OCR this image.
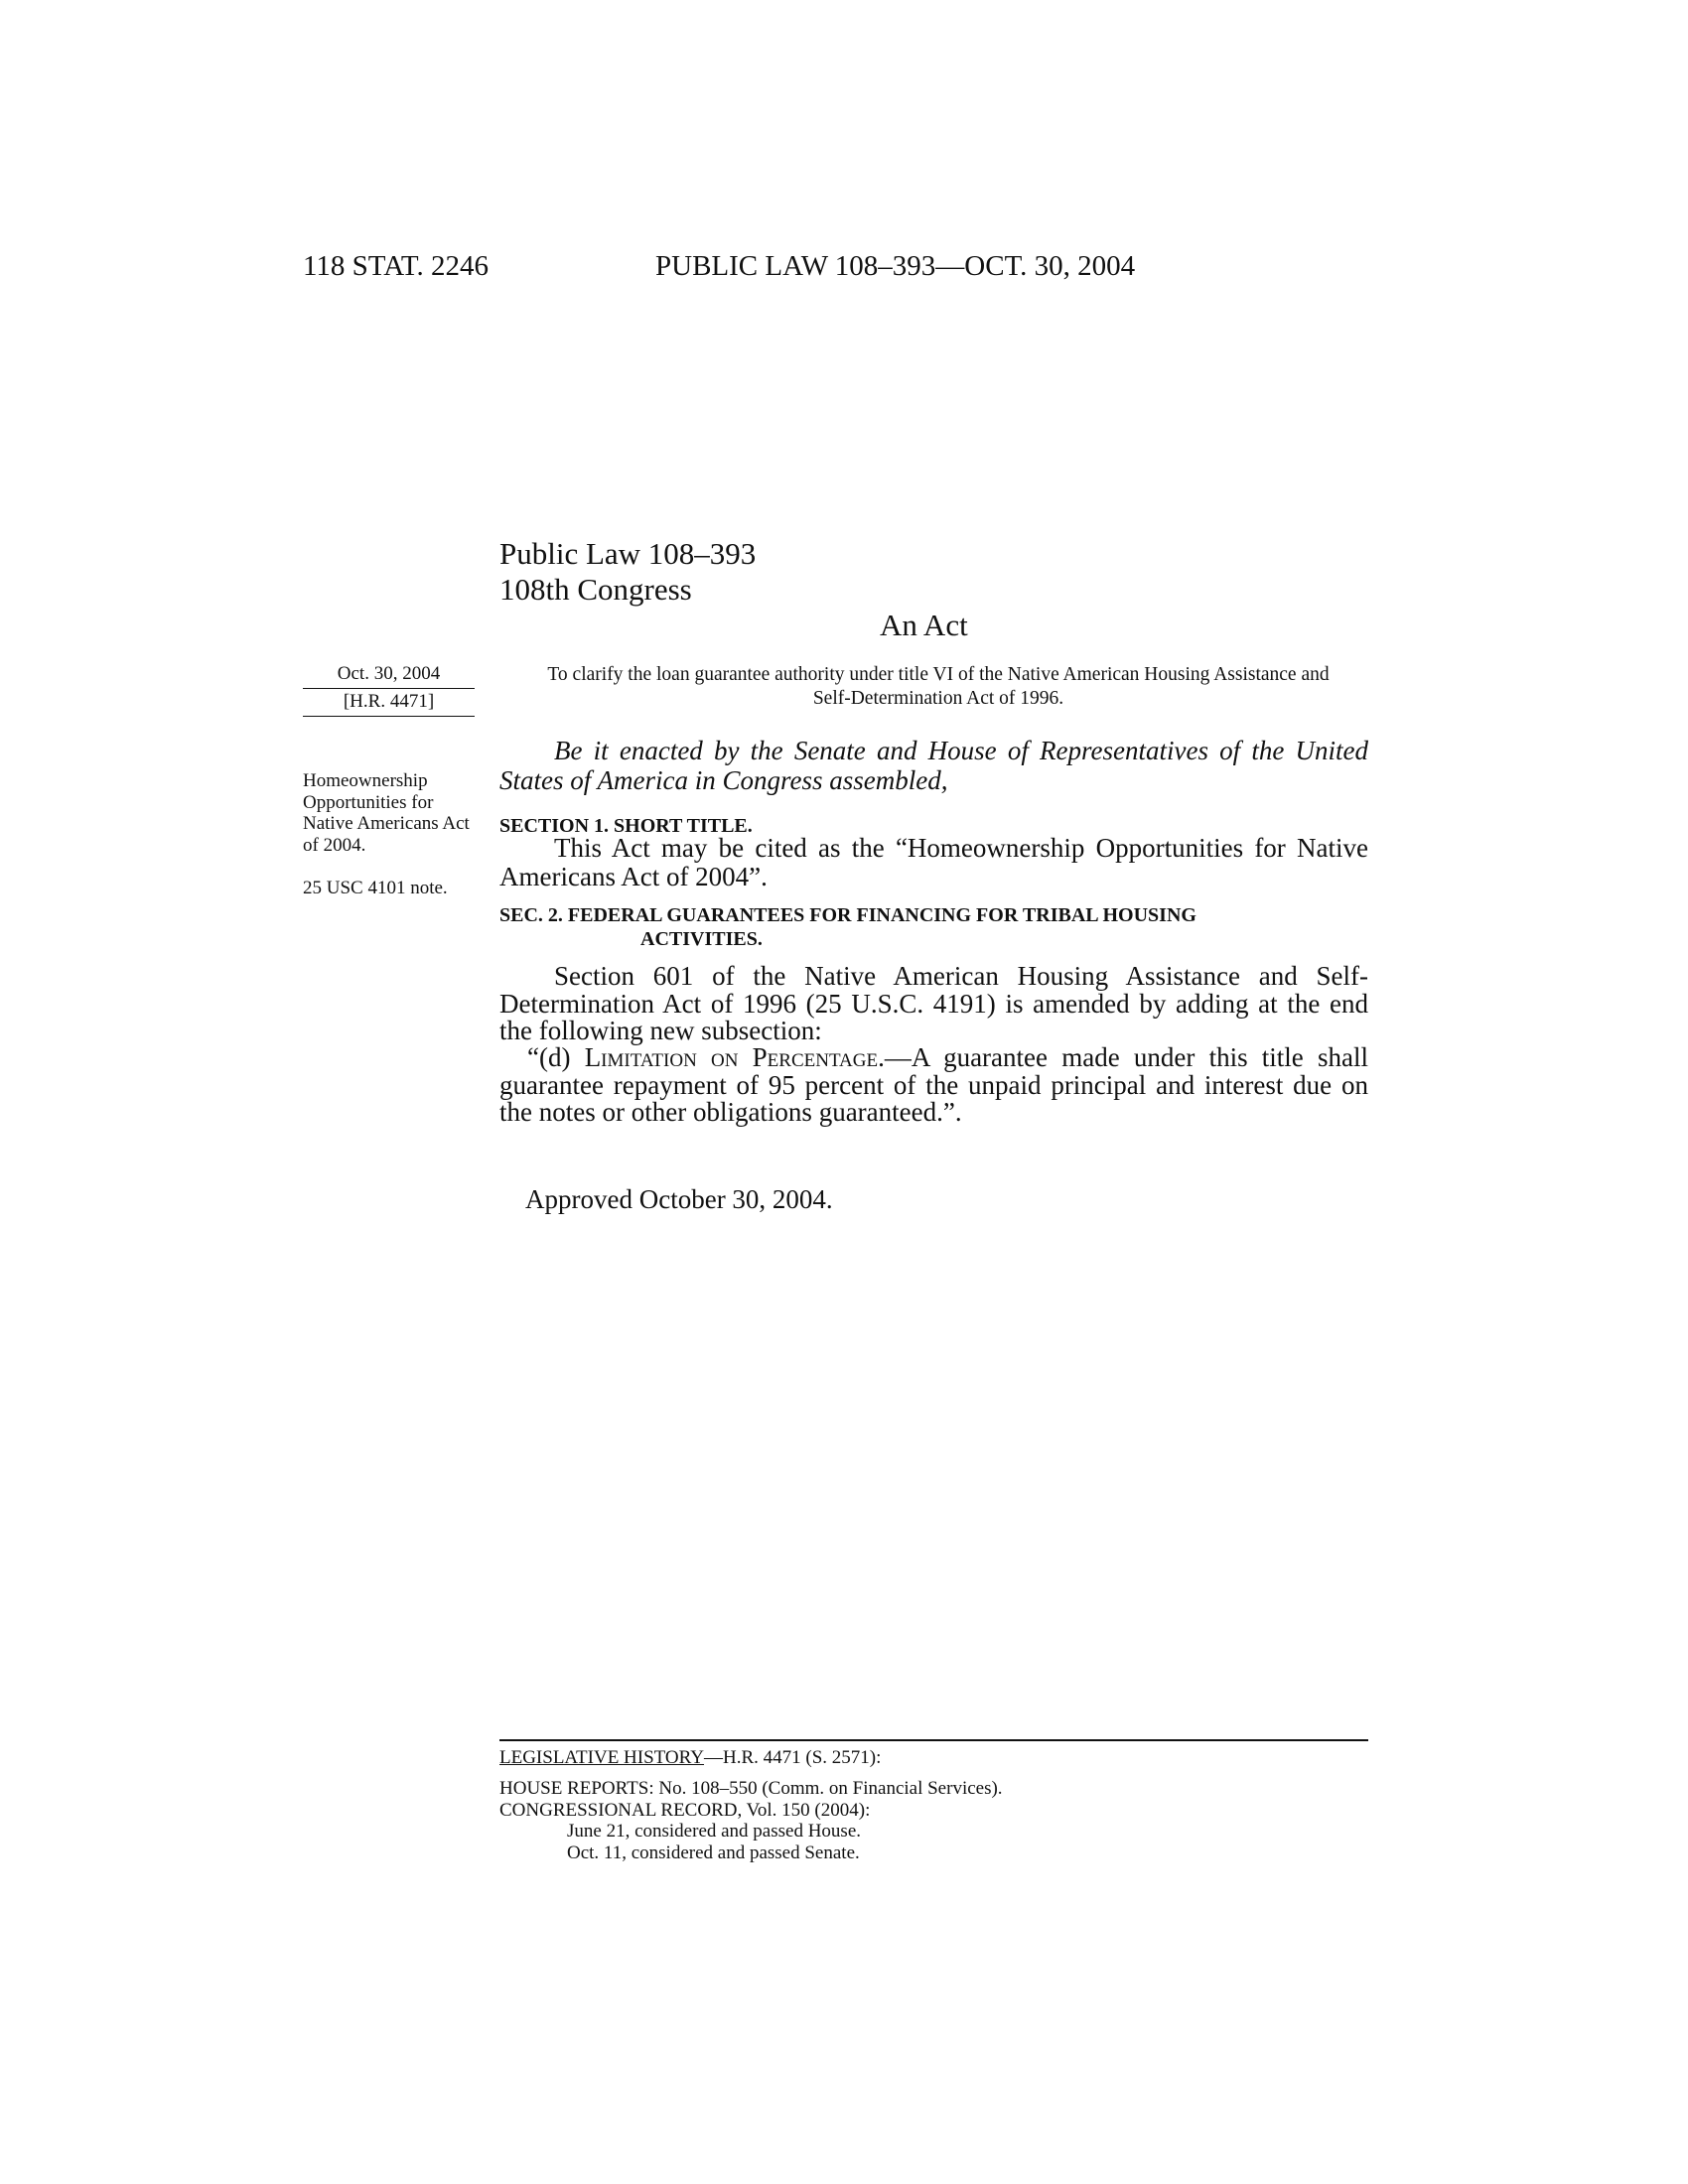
118 STAT. 2246	PUBLIC LAW 108–393—OCT. 30, 2004
Public Law 108–393
108th Congress
An Act
Oct. 30, 2004
[H.R. 4471]
Homeownership Opportunities for Native Americans Act of 2004.
25 USC 4101 note.
To clarify the loan guarantee authority under title VI of the Native American Housing Assistance and Self-Determination Act of 1996.
Be it enacted by the Senate and House of Representatives of the United States of America in Congress assembled,
SECTION 1. SHORT TITLE.
This Act may be cited as the “Homeownership Opportunities for Native Americans Act of 2004”.
SEC. 2. FEDERAL GUARANTEES FOR FINANCING FOR TRIBAL HOUSING
ACTIVITIES.
Section 601 of the Native American Housing Assistance and Self-Determination Act of 1996 (25 U.S.C. 4191) is amended by adding at the end the following new subsection:
“(d) Limitation on Percentage.—A guarantee made under this title shall guarantee repayment of 95 percent of the unpaid principal and interest due on the notes or other obligations guaranteed.”.
Approved October 30, 2004.
LEGISLATIVE HISTORY—H.R. 4471 (S. 2571):
HOUSE REPORTS: No. 108–550 (Comm. on Financial Services).
CONGRESSIONAL RECORD, Vol. 150 (2004):
June 21, considered and passed House.
Oct. 11, considered and passed Senate.
